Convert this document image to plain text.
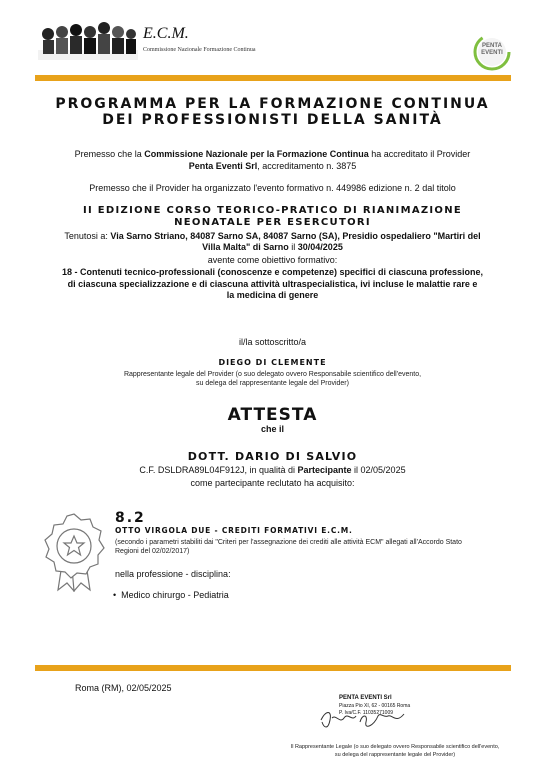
E.C.M.
Commissione Nazionale Formazione Continua
PENTA
EVENTI
PROGRAMMA PER LA FORMAZIONE CONTINUA
DEI PROFESSIONISTI DELLA SANITÀ
Premesso che la Commissione Nazionale per la Formazione Continua ha accreditato il Provider
Penta Eventi Srl, accreditamento n. 3875
Premesso che il Provider ha organizzato l'evento formativo n. 449986 edizione n. 2 dal titolo
II EDIZIONE CORSO TEORICO-PRATICO DI RIANIMAZIONE
NEONATALE PER ESERCUTORI
Tenutosi a: Via Sarno Striano, 84087 Sarno SA, 84087 Sarno (SA), Presidio ospedaliero "Martiri del
Villa Malta" di Sarno il 30/04/2025
avente come obiettivo formativo:
18 - Contenuti tecnico-professionali (conoscenze e competenze) specifici di ciascuna professione,
di ciascuna specializzazione e di ciascuna attività ultraspecialistica, ivi incluse le malattie rare e
la medicina di genere
il/la sottoscritto/a
DIEGO DI CLEMENTE
Rappresentante legale del Provider (o suo delegato ovvero Responsabile scientifico dell'evento,
su delega del rappresentante legale del Provider)
ATTESTA
che il
DOTT. DARIO DI SALVIO
C.F. DSLDRA89L04F912J, in qualità di Partecipante il 02/05/2025
come partecipante reclutato ha acquisito:
8.2
OTTO VIRGOLA DUE - CREDITI FORMATIVI E.C.M.
(secondo i parametri stabiliti dai "Criteri per l'assegnazione dei crediti alle attività ECM" allegati all'Accordo Stato
Regioni del 02/02/2017)
nella professione - disciplina:
• Medico chirurgo - Pediatria
Roma (RM), 02/05/2025
PENTA EVENTI Srl
Piazza Pio XI, 62 - 00165 Roma
P. Iva/C.F. 11035271009
Il Rappresentante Legale (o suo delegato ovvero Responsabile scientifico dell'evento,
su delega del rappresentante legale del Provider)
